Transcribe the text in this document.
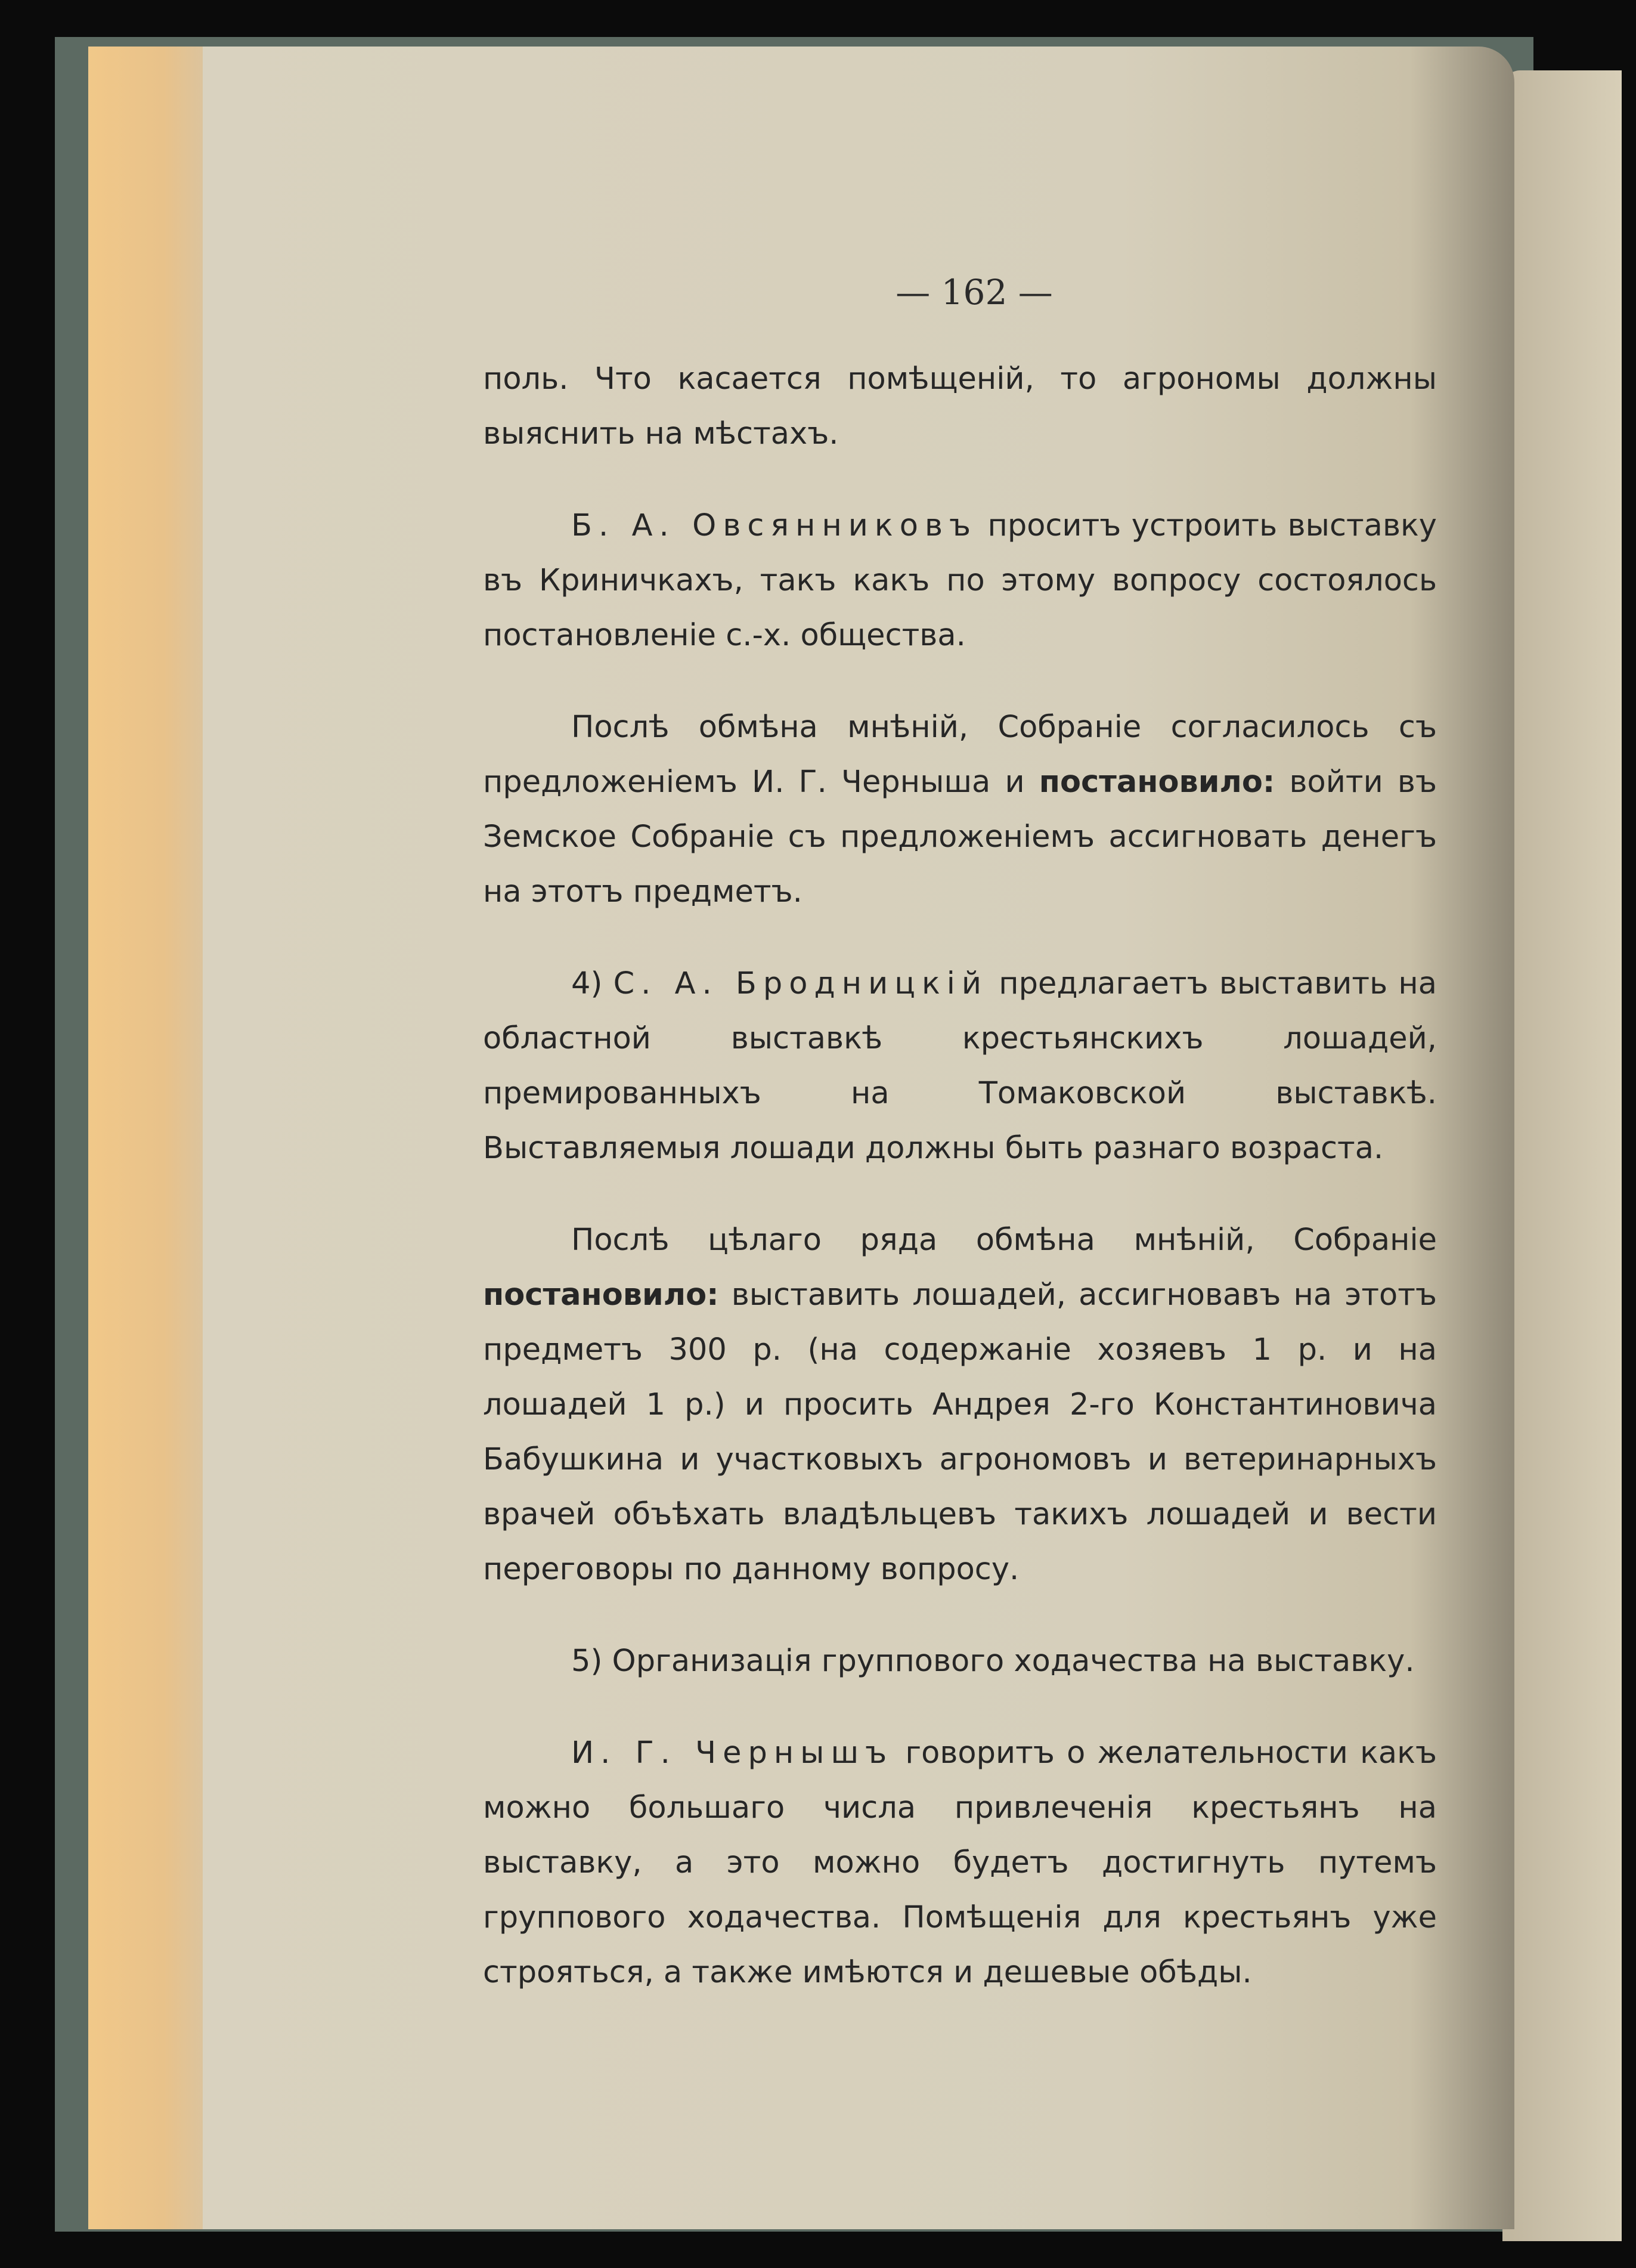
— 162 —

поль. Что касается помѣщеній, то агрономы должны выяснить на мѣстахъ.

Б. А. Овсянниковъ проситъ устроить выставку въ Криничкахъ, такъ какъ по этому вопросу состоялось постановленіе с.-х. общества.

Послѣ обмѣна мнѣній, Собраніе согласилось съ предложеніемъ И. Г. Черныша и постановило: войти въ Земское Собраніе съ предложеніемъ ассигновать денегъ на этотъ предметъ.

4) С. А. Бродницкій предлагаетъ выставить на областной выставкѣ крестьянскихъ лошадей, премированныхъ на Томаковской выставкѣ. Выставляемыя лошади должны быть разнаго возраста.

Послѣ цѣлаго ряда обмѣна мнѣній, Собраніе постановило: выставить лошадей, ассигновавъ на этотъ предметъ 300 р. (на содержаніе хозяевъ 1 р. и на лошадей 1 р.) и просить Андрея 2-го Константиновича Бабушкина и участковыхъ агрономовъ и ветеринарныхъ врачей объѣхать владѣльцевъ такихъ лошадей и вести переговоры по данному вопросу.

5) Организація группового ходачества на выставку.

И. Г. Чернышъ говоритъ о желательности какъ можно большаго числа привлеченія крестьянъ на выставку, а это можно будетъ достигнуть путемъ группового ходачества. Помѣщенія для крестьянъ уже строяться, а также имѣются и дешевые обѣды.
